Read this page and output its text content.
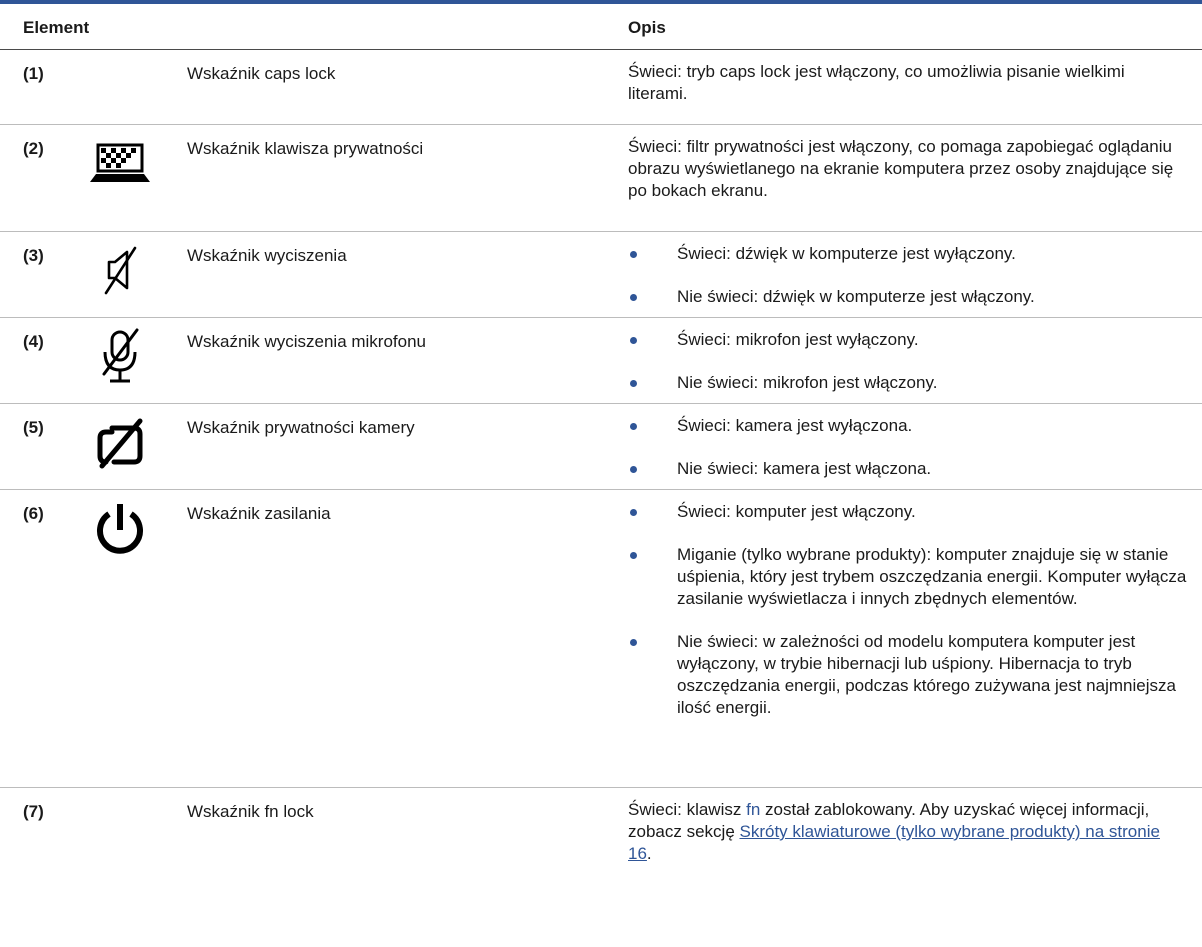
Element	Opis
(1)	Wskaźnik caps lock	Świeci: tryb caps lock jest włączony, co umożliwia pisanie wielkimi literami.
(2)	Wskaźnik klawisza prywatności	Świeci: filtr prywatności jest włączony, co pomaga zapobiegać oglądaniu obrazu wyświetlanego na ekranie komputera przez osoby znajdujące się po bokach ekranu.
(3)	Wskaźnik wyciszenia	Świeci: dźwięk w komputerze jest wyłączony.
Nie świeci: dźwięk w komputerze jest włączony.
(4)	Wskaźnik wyciszenia mikrofonu	Świeci: mikrofon jest wyłączony.
Nie świeci: mikrofon jest włączony.
(5)	Wskaźnik prywatności kamery	Świeci: kamera jest wyłączona.
Nie świeci: kamera jest włączona.
(6)	Wskaźnik zasilania	Świeci: komputer jest włączony.
Miganie (tylko wybrane produkty): komputer znajduje się w stanie uśpienia, który jest trybem oszczędzania energii. Komputer wyłącza zasilanie wyświetlacza i innych zbędnych elementów.
Nie świeci: w zależności od modelu komputera komputer jest wyłączony, w trybie hibernacji lub uśpiony. Hibernacja to tryb oszczędzania energii, podczas którego zużywana jest najmniejsza ilość energii.
(7)	Wskaźnik fn lock	Świeci: klawisz fn został zablokowany. Aby uzyskać więcej informacji, zobacz sekcję Skróty klawiaturowe (tylko wybrane produkty) na stronie 16.
